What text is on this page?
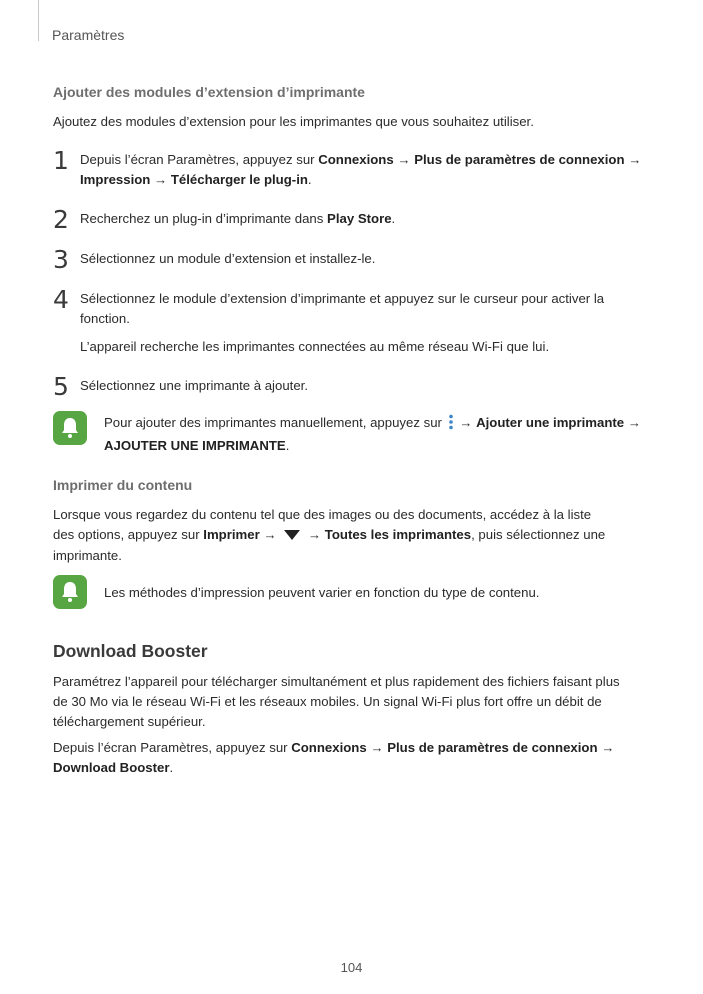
Paramètres
Ajouter des modules d’extension d’imprimante
Ajoutez des modules d’extension pour les imprimantes que vous souhaitez utiliser.
1 Depuis l’écran Paramètres, appuyez sur Connexions → Plus de paramètres de connexion → Impression → Télécharger le plug-in.
2 Recherchez un plug-in d’imprimante dans Play Store.
3 Sélectionnez un module d’extension et installez-le.
4 Sélectionnez le module d’extension d’imprimante et appuyez sur le curseur pour activer la fonction.
L’appareil recherche les imprimantes connectées au même réseau Wi-Fi que lui.
5 Sélectionnez une imprimante à ajouter.
Pour ajouter des imprimantes manuellement, appuyez sur  → Ajouter une imprimante → AJOUTER UNE IMPRIMANTE.
Imprimer du contenu
Lorsque vous regardez du contenu tel que des images ou des documents, accédez à la liste des options, appuyez sur Imprimer →  → Toutes les imprimantes, puis sélectionnez une imprimante.
Les méthodes d’impression peuvent varier en fonction du type de contenu.
Download Booster
Paramétrez l’appareil pour télécharger simultanément et plus rapidement des fichiers faisant plus de 30 Mo via le réseau Wi-Fi et les réseaux mobiles. Un signal Wi-Fi plus fort offre un débit de téléchargement supérieur.
Depuis l’écran Paramètres, appuyez sur Connexions → Plus de paramètres de connexion → Download Booster.
104
